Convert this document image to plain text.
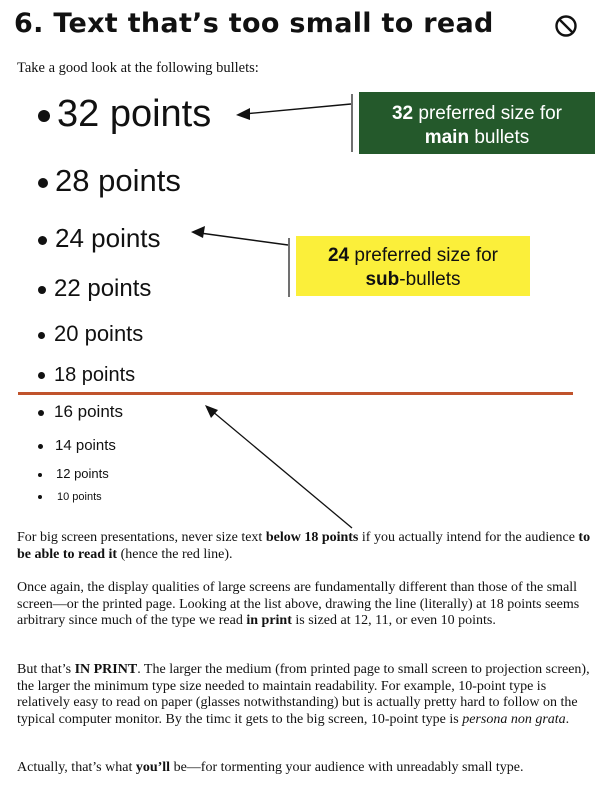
6. Text that’s too small to read
Take a good look at the following bullets:
32 points
28 points
24 points
22 points
20 points
18 points
16 points
14 points
12 points
10 points
32 preferred size for
main bullets
24 preferred size for
sub-bullets
For big screen presentations, never size text below 18 points if you actually intend for the audience to be able to read it (hence the red line).
Once again, the display qualities of large screens are fundamentally different than those of the small screen—or the printed page. Looking at the list above, drawing the line (literally) at 18 points seems arbitrary since much of the type we read in print is sized at 12, 11, or even 10 points.
But that’s IN PRINT. The larger the medium (from printed page to small screen to projection screen), the larger the minimum type size needed to maintain readability. For example, 10-point type is relatively easy to read on paper (glasses notwithstanding) but is actually pretty hard to follow on the typical computer monitor. By the timc it gets to the big screen, 10-point type is persona non grata.
Actually, that’s what you’ll be—for tormenting your audience with unreadably small type.
